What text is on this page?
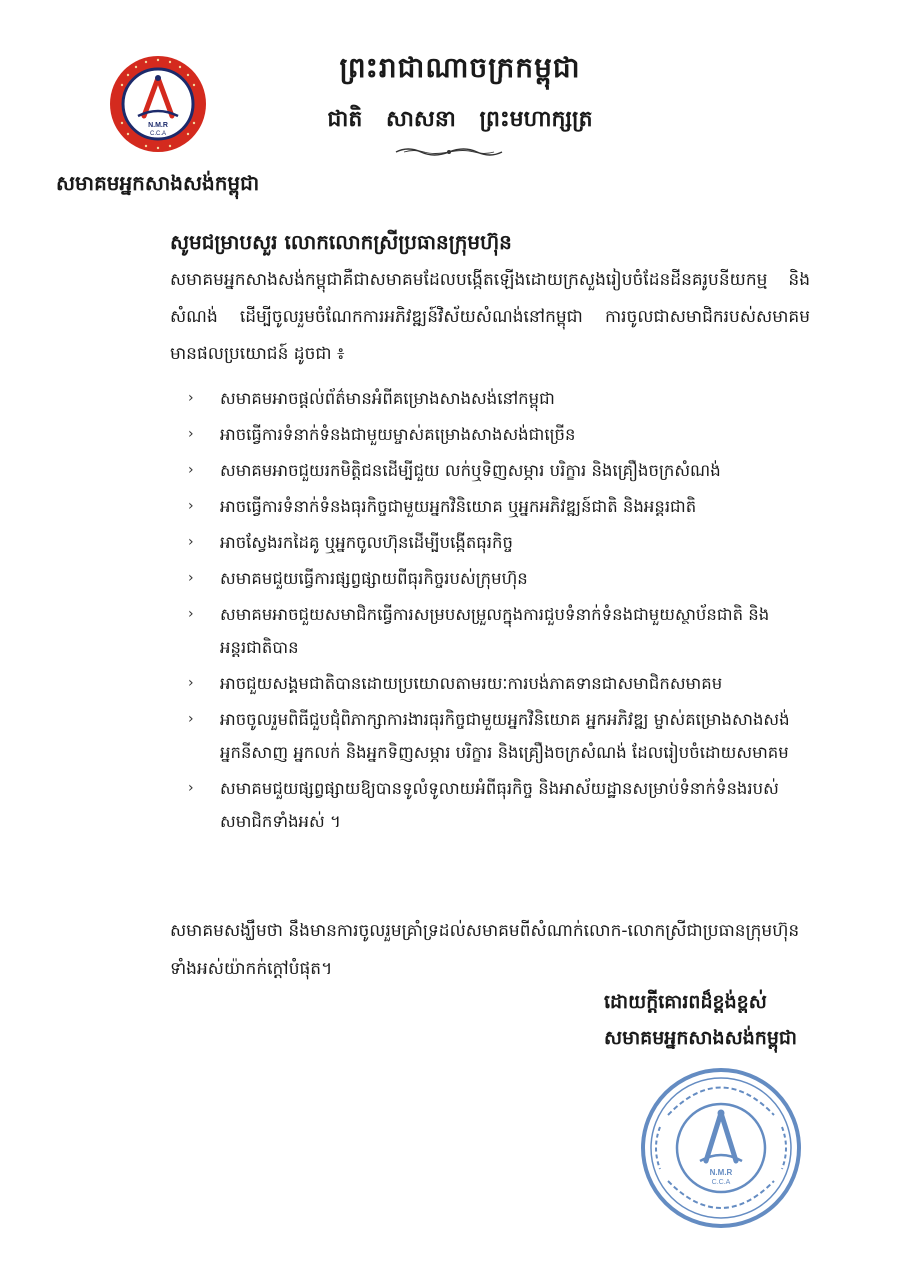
N.M.R
C.C.A
ព្រះរាជាណាចក្រកម្ពុជា
ជាតិ សាសនា ព្រះមហាក្សត្រ
សមាគមអ្នកសាងសង់កម្ពុជា
សូមជម្រាបសួរ លោកលោកស្រីប្រធានក្រុមហ៊ុន
សមាគមអ្នកសាងសង់កម្ពុជាគឺជាសមាគមដែលបង្កើតឡើងដោយក្រសួងរៀបចំដែនដីនគរូបនីយកម្ម និងសំណង់ ដើម្បីចូលរួមចំណែកការអភិវឌ្ឍន៍វិស័យសំណង់នៅកម្ពុជា ការចូលជាសមាជិករបស់សមាគម មានផលប្រយោជន៍ ដូចជា ៖
› សមាគមអាចផ្តល់ព័ត៌មានអំពីគម្រោងសាងសង់នៅកម្ពុជា
› អាចធ្វើការទំនាក់ទំនងជាមួយម្ចាស់គម្រោងសាងសង់ជាច្រើន
› សមាគមអាចជួយរកមិត្តិជនដើម្បីជួយ លក់ឬទិញសម្ភារ បរិក្ខារ និងគ្រឿងចក្រសំណង់
› អាចធ្វើការទំនាក់ទំនងធុរកិច្ចជាមួយអ្នកវិនិយោគ ឬអ្នកអភិវឌ្ឍន៍ជាតិ និងអន្តរជាតិ
› អាចស្វែងរកដៃគូ ឬអ្នកចូលហ៊ុនដើម្បីបង្កើតធុរកិច្ច
› សមាគមជួយធ្វើការផ្សព្វផ្សាយពីធុរកិច្ចរបស់ក្រុមហ៊ុន
› សមាគមអាចជួយសមាជិកធ្វើការសម្របសម្រួលក្នុងការជួបទំនាក់ទំនងជាមួយស្ថាប័នជាតិ និងអន្តរជាតិបាន
› អាចជួយសង្គមជាតិបានដោយប្រយោលតាមរយៈការបង់ភាគទានជាសមាជិកសមាគម
› អាចចូលរួមពិធីជួបជុំពិភាក្សាការងារធុរកិច្ចជាមួយអ្នកវិនិយោគ អ្នកអភិវឌ្ឍ ម្ចាស់គម្រោងសាងសង់ អ្នកនីសាញ អ្នកលក់ និងអ្នកទិញសម្ភារ បរិក្ខារ និងគ្រឿងចក្រសំណង់ ដែលរៀបចំដោយសមាគម
› សមាគមជួយផ្សព្វផ្សាយឱ្យបានទូលំទូលាយអំពីធុរកិច្ច និងអាស័យដ្ឋានសម្រាប់ទំនាក់ទំនងរបស់សមាជិកទាំងអស់ ។
សមាគមសង្ឃឹមថា នឹងមានការចូលរួមគ្រាំទ្រដល់សមាគមពីសំណាក់លោក-លោកស្រីជាប្រធានក្រុមហ៊ុនទាំងអស់យ៉ាកក់ក្តៅបំផុត។
ដោយក្តីគោរពដ៏ខ្ពង់ខ្ពស់
សមាគមអ្នកសាងសង់កម្ពុជា
N.M.R
C.C.A
